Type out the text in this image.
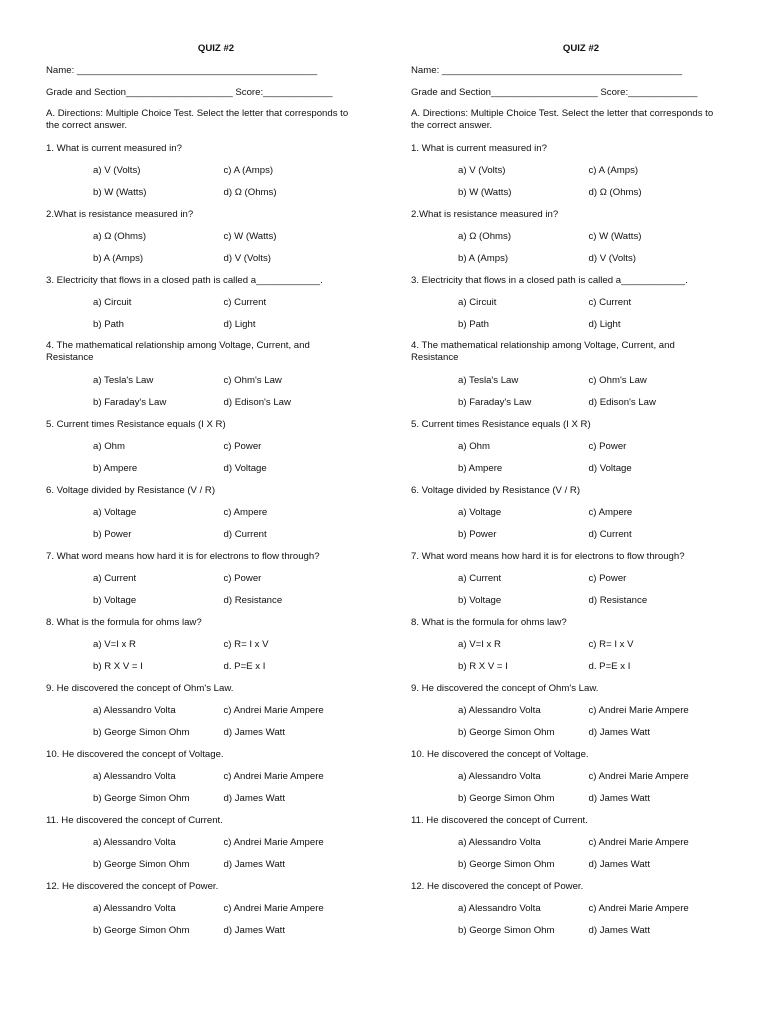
QUIZ #2
Name: _____________________________________________
Grade and Section____________________ Score:_____________
A. Directions: Multiple Choice Test. Select the letter that corresponds to the correct answer.
1. What is current measured in?
a) V (Volts)	c) A (Amps)
b) W (Watts)	d) Ω (Ohms)
2.What is resistance measured in?
a) Ω (Ohms)	c) W (Watts)
b) A (Amps)	d) V (Volts)
3. Electricity that flows in a closed path is called a____________.
a) Circuit	c) Current
b) Path	d) Light
4. The mathematical relationship among Voltage, Current, and Resistance
a) Tesla's Law	c) Ohm's Law
b) Faraday's Law	d) Edison's Law
5. Current times Resistance equals (I X R)
a) Ohm	c) Power
b) Ampere	d) Voltage
6. Voltage divided by Resistance (V / R)
a) Voltage	c) Ampere
b) Power	d) Current
7. What word means how hard it is for electrons to flow through?
a) Current	c) Power
b) Voltage	d) Resistance
8. What is the formula for ohms law?
a) V=I x R	c) R= I x V
b) R X V = I	d. P=E x I
9. He discovered the concept of Ohm's Law.
a) Alessandro Volta	c) Andrei Marie Ampere
b) George Simon Ohm	d) James Watt
10. He discovered the concept of Voltage.
a) Alessandro Volta	c) Andrei Marie Ampere
b) George Simon Ohm	d) James Watt
11. He discovered the concept of Current.
a) Alessandro Volta	c) Andrei Marie Ampere
b) George Simon Ohm	d) James Watt
12. He discovered the concept of Power.
a) Alessandro Volta	c) Andrei Marie Ampere
b) George Simon Ohm	d) James Watt
QUIZ #2
Name: _____________________________________________
Grade and Section____________________ Score:_____________
A. Directions: Multiple Choice Test. Select the letter that corresponds to the correct answer.
1. What is current measured in?
a) V (Volts)	c) A (Amps)
b) W (Watts)	d) Ω (Ohms)
2.What is resistance measured in?
a) Ω (Ohms)	c) W (Watts)
b) A (Amps)	d) V (Volts)
3. Electricity that flows in a closed path is called a____________.
a) Circuit	c) Current
b) Path	d) Light
4. The mathematical relationship among Voltage, Current, and Resistance
a) Tesla's Law	c) Ohm's Law
b) Faraday's Law	d) Edison's Law
5. Current times Resistance equals (I X R)
a) Ohm	c) Power
b) Ampere	d) Voltage
6. Voltage divided by Resistance (V / R)
a) Voltage	c) Ampere
b) Power	d) Current
7. What word means how hard it is for electrons to flow through?
a) Current	c) Power
b) Voltage	d) Resistance
8. What is the formula for ohms law?
a) V=I x R	c) R= I x V
b) R X V = I	d. P=E x I
9. He discovered the concept of Ohm's Law.
a) Alessandro Volta	c) Andrei Marie Ampere
b) George Simon Ohm	d) James Watt
10. He discovered the concept of Voltage.
a) Alessandro Volta	c) Andrei Marie Ampere
b) George Simon Ohm	d) James Watt
11. He discovered the concept of Current.
a) Alessandro Volta	c) Andrei Marie Ampere
b) George Simon Ohm	d) James Watt
12. He discovered the concept of Power.
a) Alessandro Volta	c) Andrei Marie Ampere
b) George Simon Ohm	d) James Watt
